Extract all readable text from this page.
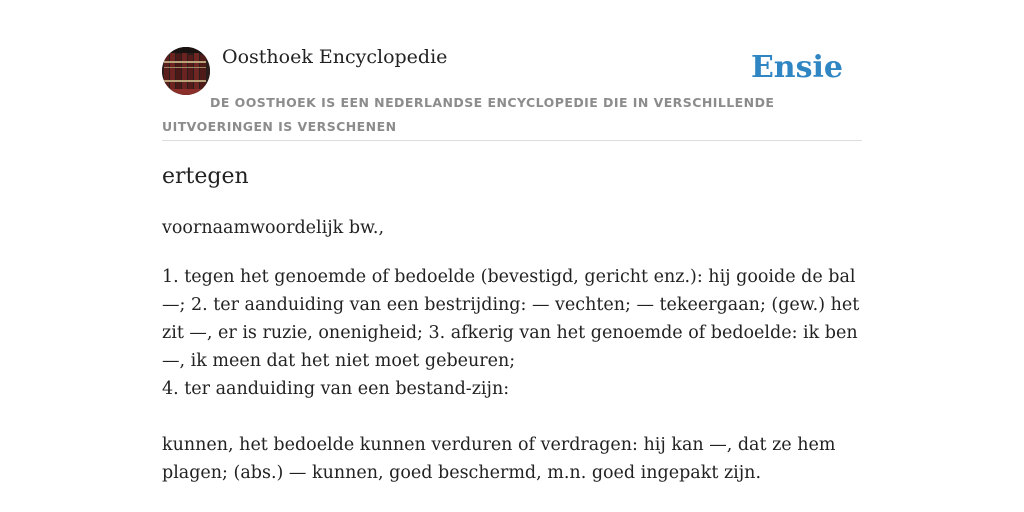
Oosthoek Encyclopedie	Ensie
DE OOSTHOEK IS EEN NEDERLANDSE ENCYCLOPEDIE DIE IN VERSCHILLENDE UITVOERINGEN IS VERSCHENEN
ertegen
voornaamwoordelijk bw.,

1. tegen het genoemde of bedoelde (bevestigd, gericht enz.): hij gooide de bal —; 2. ter aanduiding van een bestrijding: — vechten; — tekeergaan; (gew.) het zit —, er is ruzie, onenigheid; 3. afkerig van het genoemde of bedoelde: ik ben —, ik meen dat het niet moet gebeuren;

4. ter aanduiding van een bestand-zijn:

kunnen, het bedoelde kunnen verduren of verdragen: hij kan —, dat ze hem plagen; (abs.) — kunnen, goed beschermd, m.n. goed ingepakt zijn.
